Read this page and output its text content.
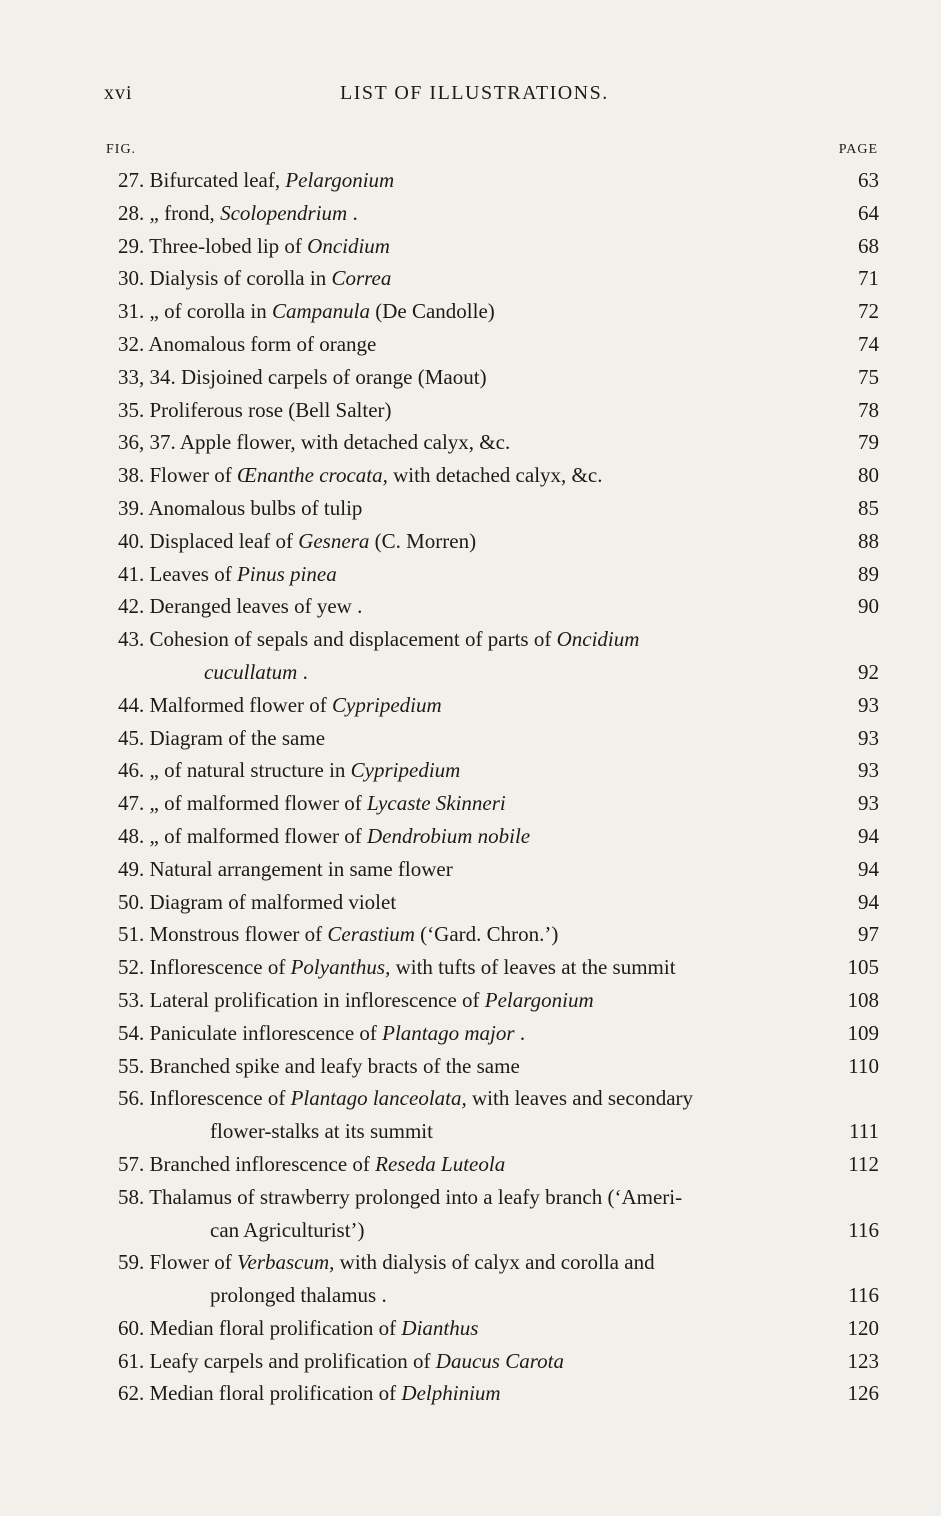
xvi	LIST OF ILLUSTRATIONS.
FIG.	PAGE
27. Bifurcated leaf, Pelargonium	63
28. „ frond, Scolopendrium .	64
29. Three-lobed lip of Oncidium	68
30. Dialysis of corolla in Correa	71
31. „ of corolla in Campanula (De Candolle)	72
32. Anomalous form of orange	74
33, 34. Disjoined carpels of orange (Maout)	75
35. Proliferous rose (Bell Salter)	78
36, 37. Apple flower, with detached calyx, &c.	79
38. Flower of Œnanthe crocata, with detached calyx, &c.	80
39. Anomalous bulbs of tulip	85
40. Displaced leaf of Gesnera (C. Morren)	88
41. Leaves of Pinus pinea	89
42. Deranged leaves of yew .	90
43. Cohesion of sepals and displacement of parts of Oncidium
cucullatum .	92
44. Malformed flower of Cypripedium	93
45. Diagram of the same	93
46. „ of natural structure in Cypripedium	93
47. „ of malformed flower of Lycaste Skinneri	93
48. „ of malformed flower of Dendrobium nobile	94
49. Natural arrangement in same flower	94
50. Diagram of malformed violet	94
51. Monstrous flower of Cerastium (‘Gard. Chron.’)	97
52. Inflorescence of Polyanthus, with tufts of leaves at the summit	105
53. Lateral prolification in inflorescence of Pelargonium	108
54. Paniculate inflorescence of Plantago major .	109
55. Branched spike and leafy bracts of the same	110
56. Inflorescence of Plantago lanceolata, with leaves and secondary
flower-stalks at its summit	111
57. Branched inflorescence of Reseda Luteola	112
58. Thalamus of strawberry prolonged into a leafy branch (‘Ameri-
can Agriculturist’)	116
59. Flower of Verbascum, with dialysis of calyx and corolla and
prolonged thalamus .	116
60. Median floral prolification of Dianthus	120
61. Leafy carpels and prolification of Daucus Carota	123
62. Median floral prolification of Delphinium	126
